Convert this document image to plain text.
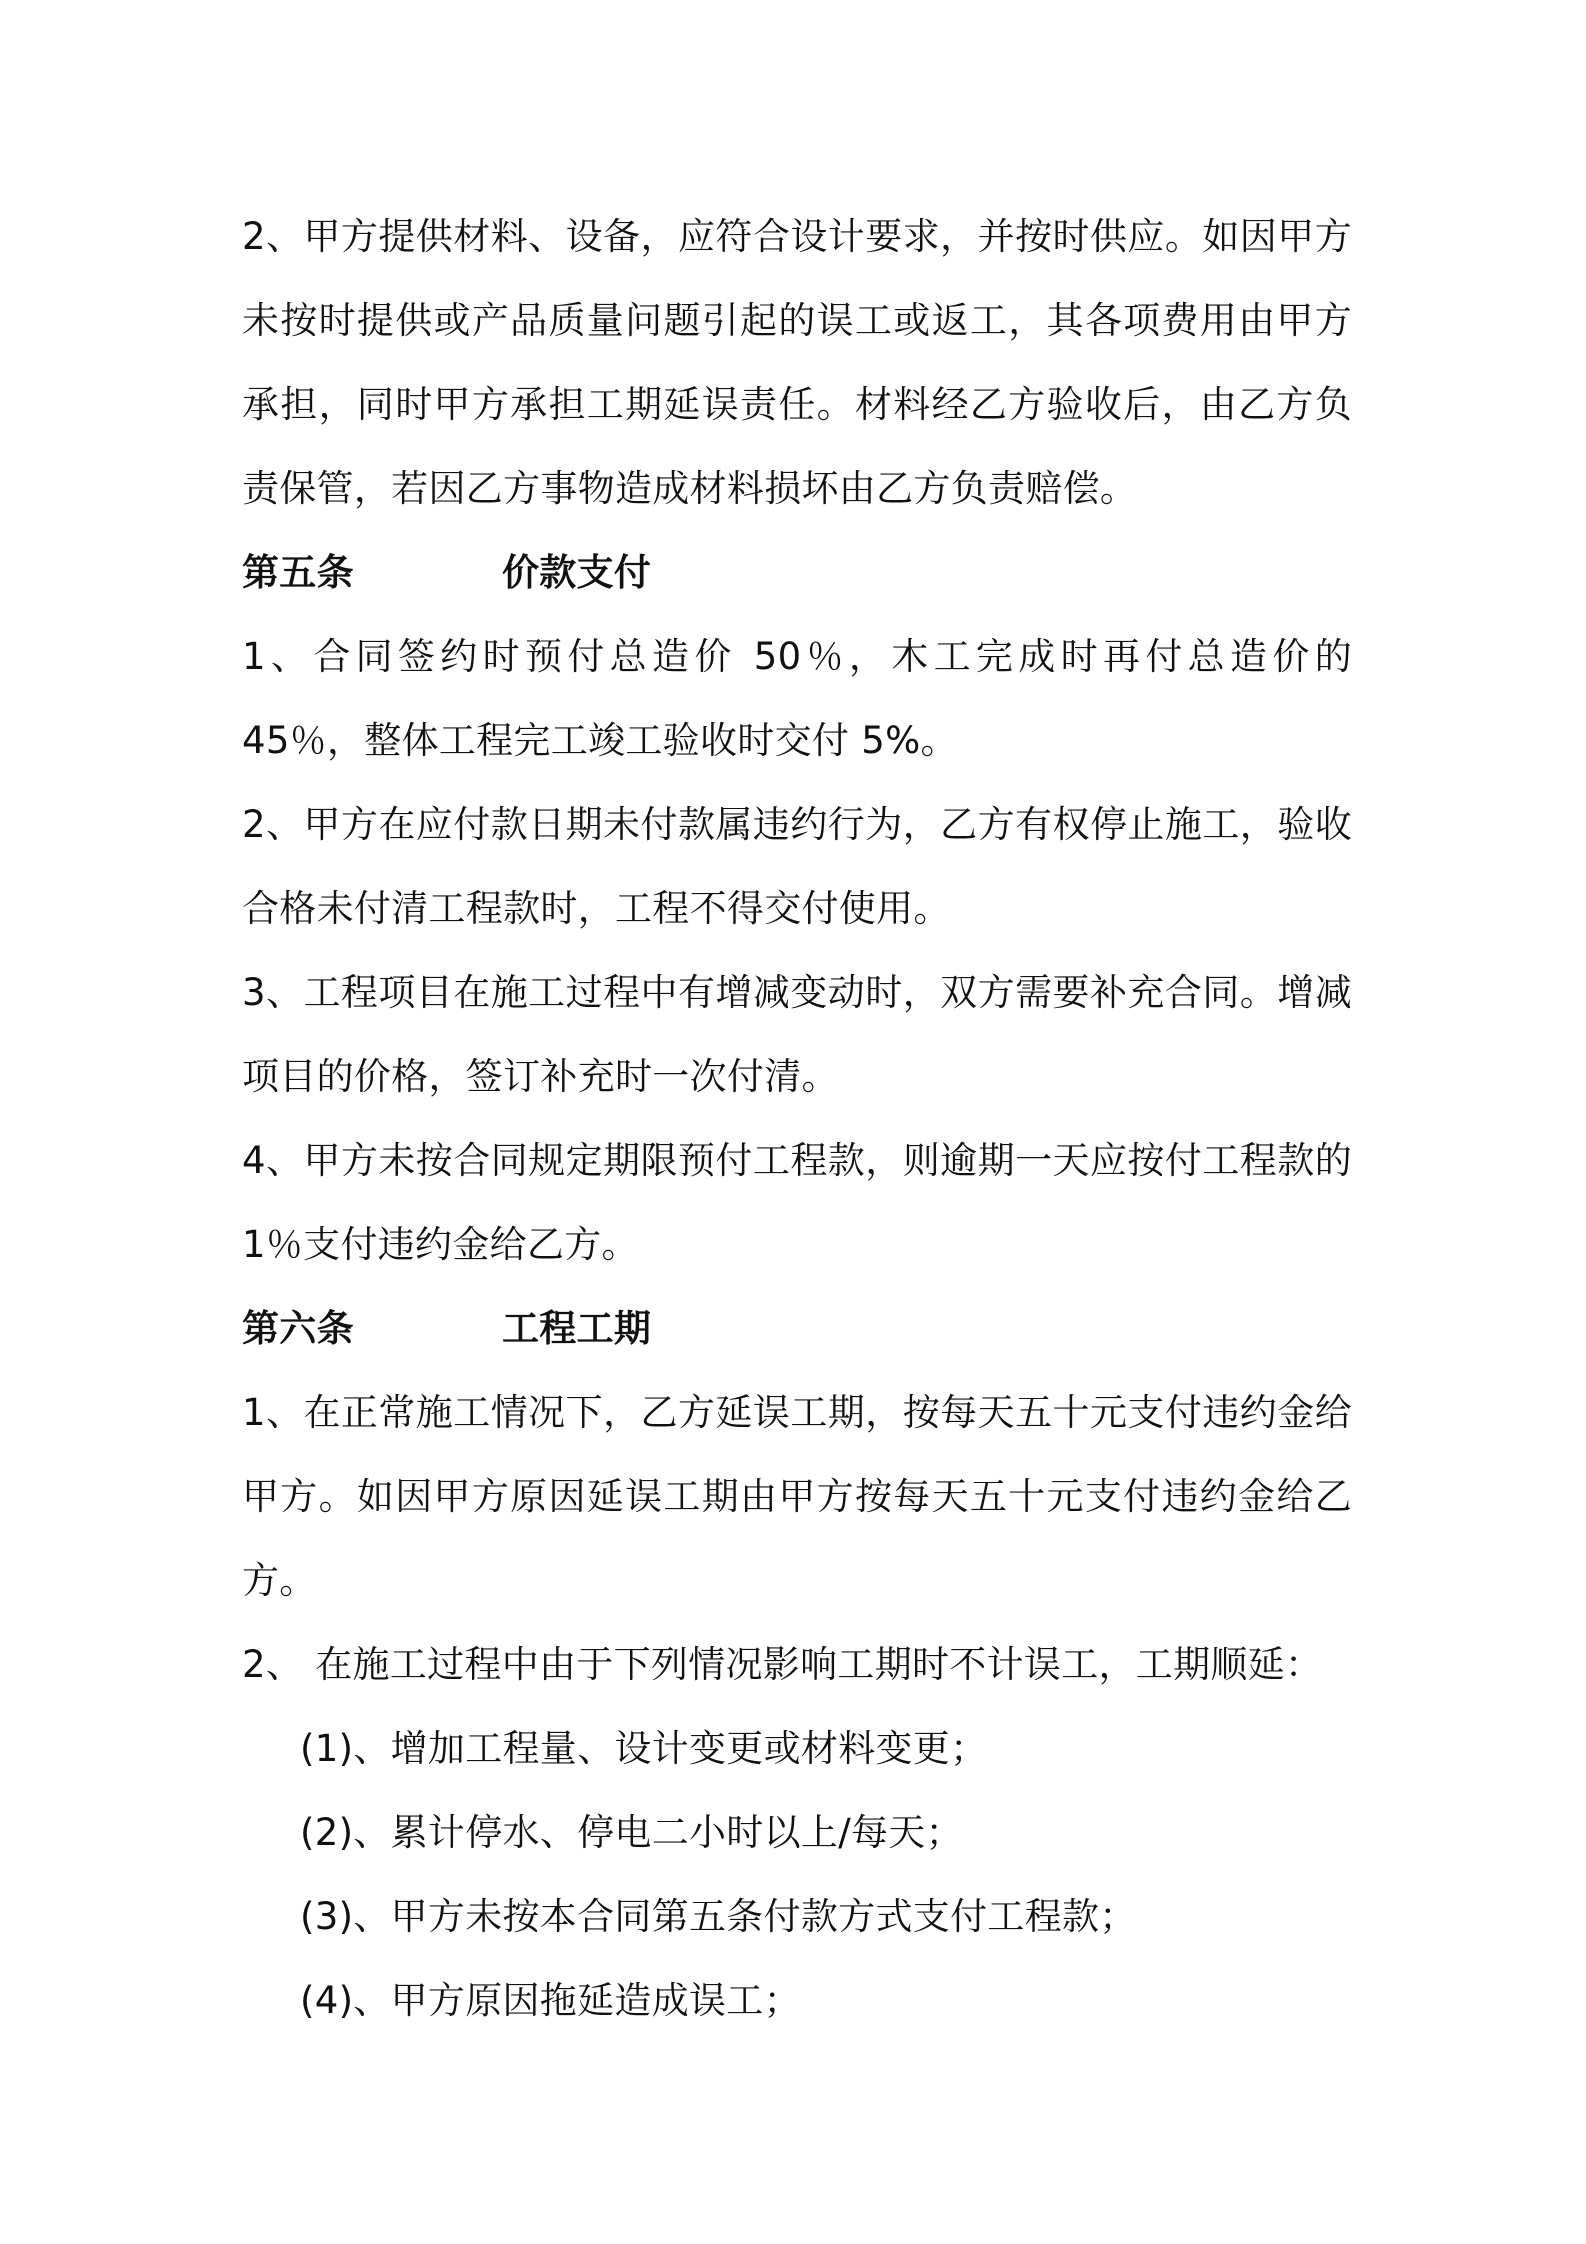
2、甲方提供材料、设备，应符合设计要求，并按时供应。如因甲方未按时提供或产品质量问题引起的误工或返工，其各项费用由甲方承担，同时甲方承担工期延误责任。材料经乙方验收后，由乙方负责保管，若因乙方事物造成材料损坏由乙方负责赔偿。

第五条	价款支付

1、合同签约时预付总造价 50％，木工完成时再付总造价的 45％，整体工程完工竣工验收时交付 5%。

2、甲方在应付款日期未付款属违约行为，乙方有权停止施工，验收合格未付清工程款时，工程不得交付使用。

3、工程项目在施工过程中有增减变动时，双方需要补充合同。增减项目的价格，签订补充时一次付清。

4、甲方未按合同规定期限预付工程款，则逾期一天应按付工程款的1％支付违约金给乙方。

第六条	工程工期

1、在正常施工情况下，乙方延误工期，按每天五十元支付违约金给甲方。如因甲方原因延误工期由甲方按每天五十元支付违约金给乙方。

2、 在施工过程中由于下列情况影响工期时不计误工，工期顺延：

(1)、增加工程量、设计变更或材料变更；

(2)、累计停水、停电二小时以上/每天；

(3)、甲方未按本合同第五条付款方式支付工程款；

(4)、甲方原因拖延造成误工；
